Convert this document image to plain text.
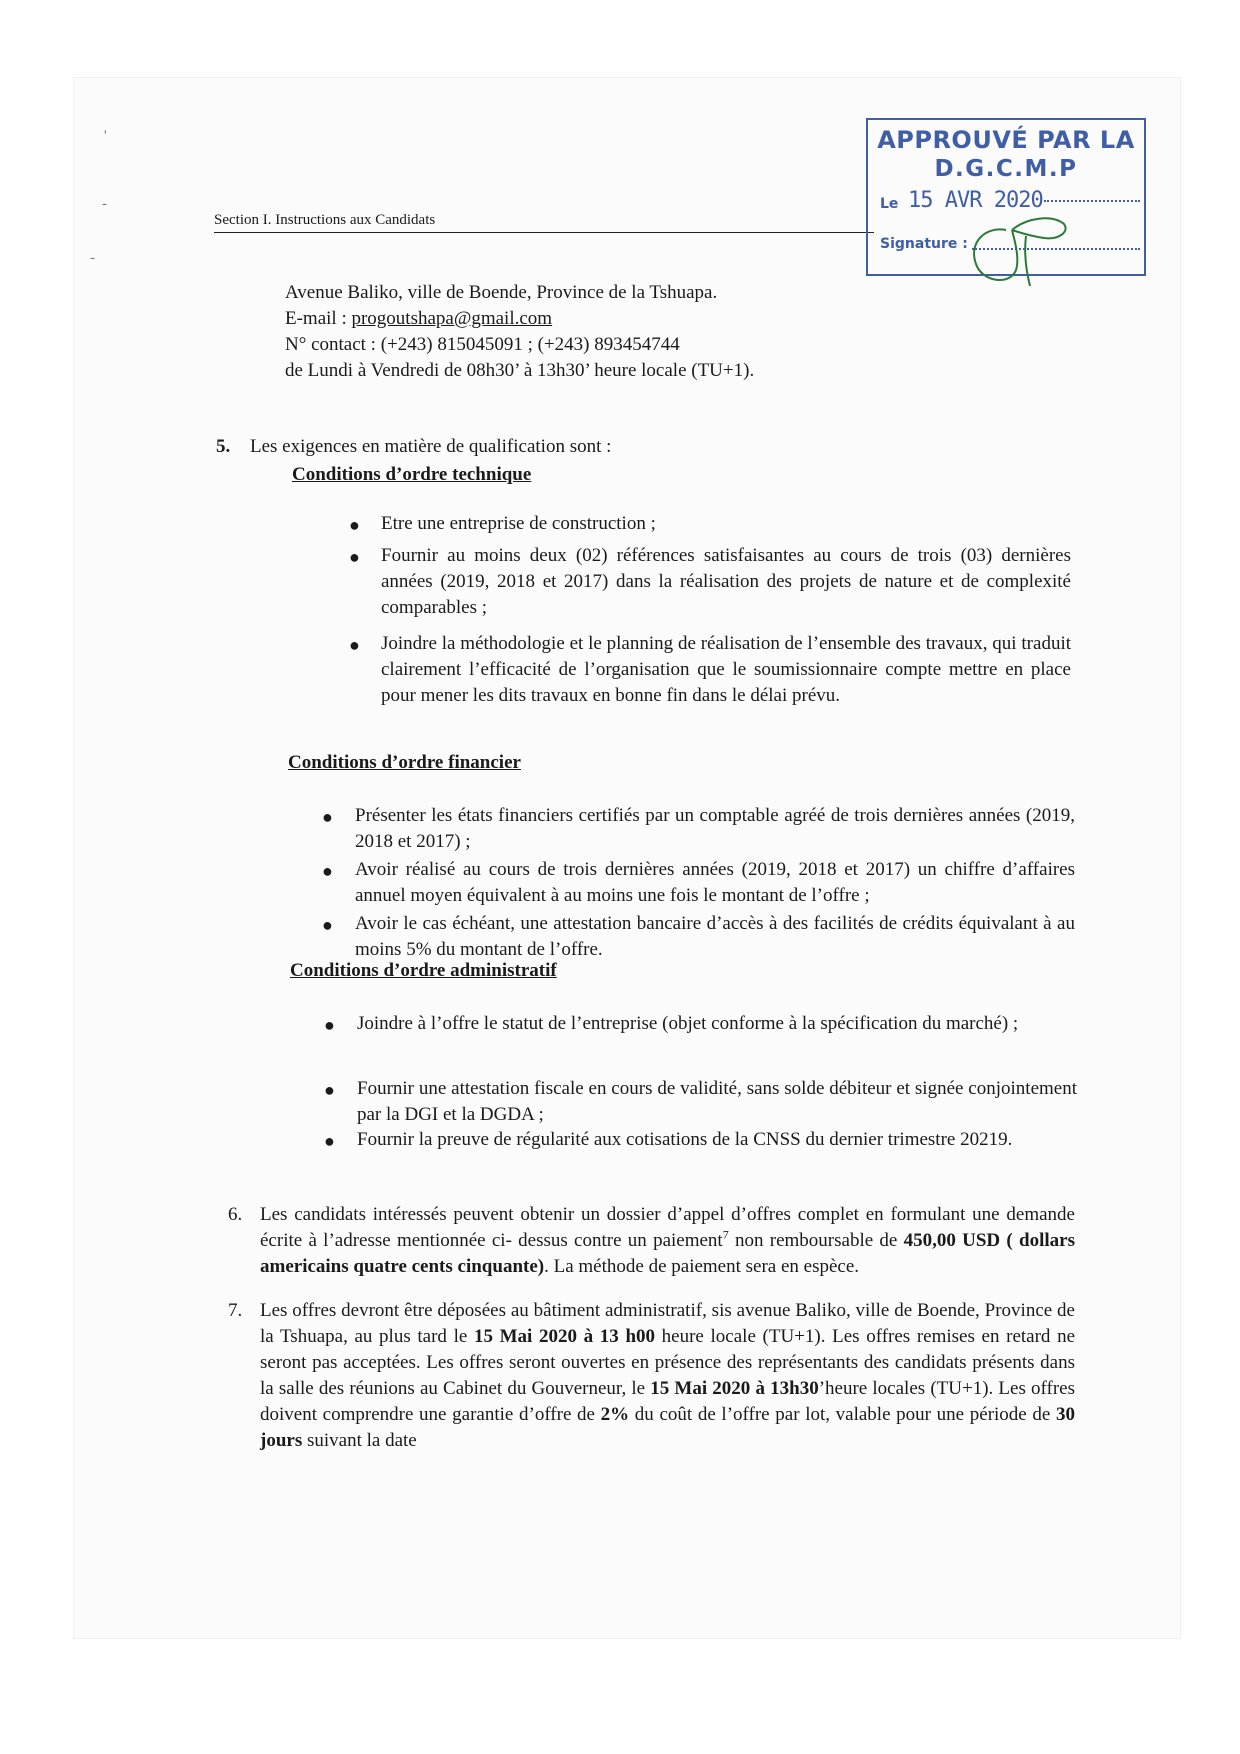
'
-
-
Section I. Instructions aux Candidats
APPROUVÉ PAR LA
D.G.C.M.P
Le 15 AVR 2020
Signature :
Avenue Baliko, ville de Boende, Province de la Tshuapa.
E-mail : progoutshapa@gmail.com
N° contact : (+243) 815045091 ; (+243) 893454744
de Lundi à Vendredi de 08h30’ à 13h30’ heure locale (TU+1).
5. Les exigences en matière de qualification sont :
Conditions d’ordre technique
● Etre une entreprise de construction ;
● Fournir au moins deux (02) références satisfaisantes au cours de trois (03) dernières années (2019, 2018 et 2017) dans la réalisation des projets de nature et de complexité comparables ;
● Joindre la méthodologie et le planning de réalisation de l’ensemble des travaux, qui traduit clairement l’efficacité de l’organisation que le soumissionnaire compte mettre en place pour mener les dits travaux en bonne fin dans le délai prévu.
Conditions d’ordre financier
● Présenter les états financiers certifiés par un comptable agréé de trois dernières années (2019, 2018 et 2017) ;
● Avoir réalisé au cours de trois dernières années (2019, 2018 et 2017) un chiffre d’affaires annuel moyen équivalent à au moins une fois le montant de l’offre ;
● Avoir le cas échéant, une attestation bancaire d’accès à des facilités de crédits équivalant à au moins 5% du montant de l’offre.
Conditions d’ordre administratif
● Joindre à l’offre le statut de l’entreprise (objet conforme à la spécification du marché) ;
● Fournir une attestation fiscale en cours de validité, sans solde débiteur et signée conjointement par la DGI et la DGDA ;
● Fournir la preuve de régularité aux cotisations de la CNSS du dernier trimestre 20219.
6. Les candidats intéressés peuvent obtenir un dossier d’appel d’offres complet en formulant une demande écrite à l’adresse mentionnée ci- dessus contre un paiement$^7$ non remboursable de 450,00 USD ( dollars americains quatre cents cinquante). La méthode de paiement sera en espèce.
7. Les offres devront être déposées au bâtiment administratif, sis avenue Baliko, ville de Boende, Province de la Tshuapa, au plus tard le 15 Mai 2020 à 13 h00 heure locale (TU+1). Les offres remises en retard ne seront pas acceptées. Les offres seront ouvertes en présence des représentants des candidats présents dans la salle des réunions au Cabinet du Gouverneur, le 15 Mai 2020 à 13h30’heure locales (TU+1). Les offres doivent comprendre une garantie d’offre de 2% du coût de l’offre par lot, valable pour une période de 30 jours suivant la date
